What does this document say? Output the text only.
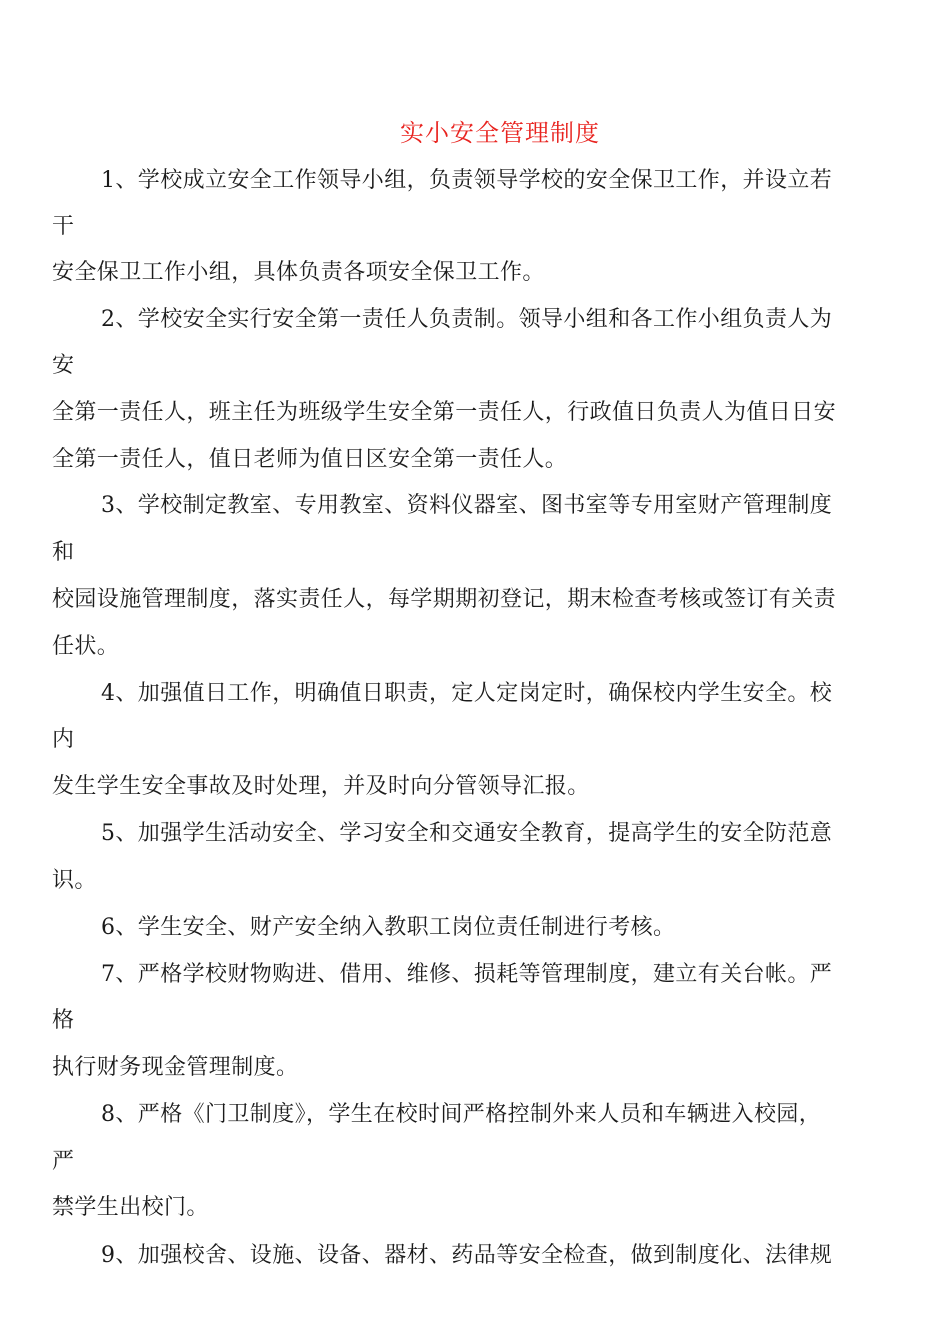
实小安全管理制度
1、学校成立安全工作领导小组，负责领导学校的安全保卫工作，并设立若
干
安全保卫工作小组，具体负责各项安全保卫工作。
2、学校安全实行安全第一责任人负责制。领导小组和各工作小组负责人为
安
全第一责任人，班主任为班级学生安全第一责任人，行政值日负责人为值日日安
全第一责任人，值日老师为值日区安全第一责任人。
3、学校制定教室、专用教室、资料仪器室、图书室等专用室财产管理制度
和
校园设施管理制度，落实责任人，每学期期初登记，期末检查考核或签订有关责
任状。
4、加强值日工作，明确值日职责，定人定岗定时，确保校内学生安全。校
内
发生学生安全事故及时处理，并及时向分管领导汇报。
5、加强学生活动安全、学习安全和交通安全教育，提高学生的安全防范意
识。
6、学生安全、财产安全纳入教职工岗位责任制进行考核。
7、严格学校财物购进、借用、维修、损耗等管理制度，建立有关台帐。严
格
执行财务现金管理制度。
8、严格《门卫制度》，学生在校时间严格控制外来人员和车辆进入校园，
严
禁学生出校门。
9、加强校舍、设施、设备、器材、药品等安全检查，做到制度化、法律规
